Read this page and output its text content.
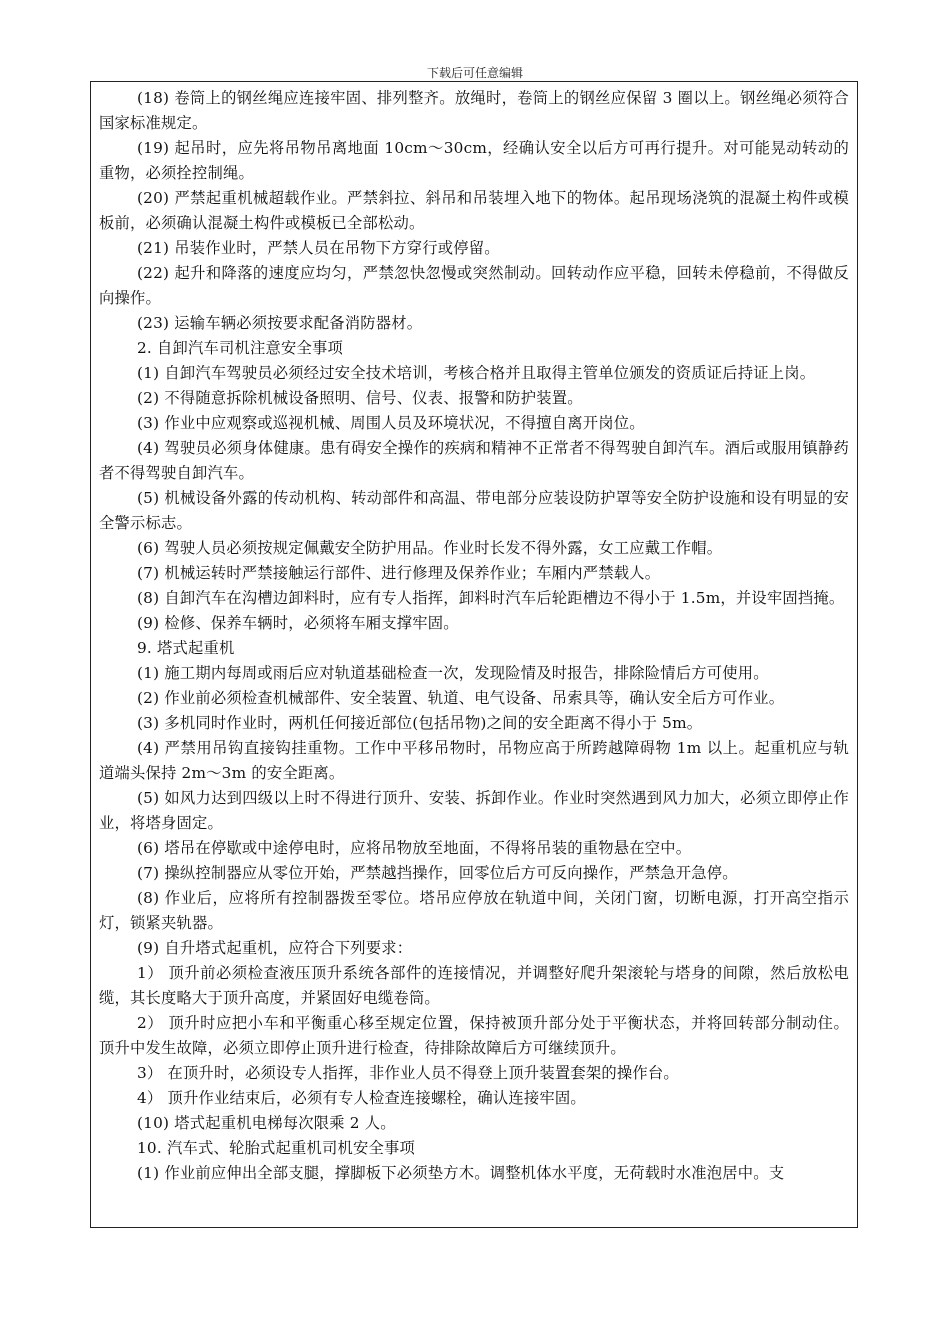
下载后可任意编辑

(18) 卷筒上的钢丝绳应连接牢固、排列整齐。放绳时，卷筒上的钢丝应保留 3 圈以上。钢丝绳必须符合国家标准规定。

(19) 起吊时，应先将吊物吊离地面 10cm～30cm，经确认安全以后方可再行提升。对可能晃动转动的重物，必须拴控制绳。

(20) 严禁起重机械超载作业。严禁斜拉、斜吊和吊装埋入地下的物体。起吊现场浇筑的混凝土构件或模板前，必须确认混凝土构件或模板已全部松动。

(21) 吊装作业时，严禁人员在吊物下方穿行或停留。

(22) 起升和降落的速度应均匀，严禁忽快忽慢或突然制动。回转动作应平稳，回转未停稳前，不得做反向操作。

(23) 运输车辆必须按要求配备消防器材。

2. 自卸汽车司机注意安全事项

(1) 自卸汽车驾驶员必须经过安全技术培训，考核合格并且取得主管单位颁发的资质证后持证上岗。

(2) 不得随意拆除机械设备照明、信号、仪表、报警和防护装置。

(3) 作业中应观察或巡视机械、周围人员及环境状况，不得擅自离开岗位。

(4) 驾驶员必须身体健康。患有碍安全操作的疾病和精神不正常者不得驾驶自卸汽车。酒后或服用镇静药者不得驾驶自卸汽车。

(5) 机械设备外露的传动机构、转动部件和高温、带电部分应装设防护罩等安全防护设施和设有明显的安全警示标志。

(6) 驾驶人员必须按规定佩戴安全防护用品。作业时长发不得外露，女工应戴工作帽。

(7) 机械运转时严禁接触运行部件、进行修理及保养作业；车厢内严禁载人。

(8) 自卸汽车在沟槽边卸料时，应有专人指挥，卸料时汽车后轮距槽边不得小于 1.5m，并设牢固挡掩。

(9) 检修、保养车辆时，必须将车厢支撑牢固。

9. 塔式起重机

(1) 施工期内每周或雨后应对轨道基础检查一次，发现险情及时报告，排除险情后方可使用。

(2) 作业前必须检查机械部件、安全装置、轨道、电气设备、吊索具等，确认安全后方可作业。

(3) 多机同时作业时，两机任何接近部位(包括吊物)之间的安全距离不得小于 5m。

(4) 严禁用吊钩直接钩挂重物。工作中平移吊物时，吊物应高于所跨越障碍物 1m 以上。起重机应与轨道端头保持 2m～3m 的安全距离。

(5) 如风力达到四级以上时不得进行顶升、安装、拆卸作业。作业时突然遇到风力加大，必须立即停止作业，将塔身固定。

(6) 塔吊在停歇或中途停电时，应将吊物放至地面，不得将吊装的重物悬在空中。

(7) 操纵控制器应从零位开始，严禁越挡操作，回零位后方可反向操作，严禁急开急停。

(8) 作业后，应将所有控制器拨至零位。塔吊应停放在轨道中间，关闭门窗，切断电源，打开高空指示灯，锁紧夹轨器。

(9) 自升塔式起重机，应符合下列要求：

1） 顶升前必须检查液压顶升系统各部件的连接情况，并调整好爬升架滚轮与塔身的间隙，然后放松电缆，其长度略大于顶升高度，并紧固好电缆卷筒。

2） 顶升时应把小车和平衡重心移至规定位置，保持被顶升部分处于平衡状态，并将回转部分制动住。顶升中发生故障，必须立即停止顶升进行检查，待排除故障后方可继续顶升。

3） 在顶升时，必须设专人指挥，非作业人员不得登上顶升装置套架的操作台。

4） 顶升作业结束后，必须有专人检查连接螺栓，确认连接牢固。

(10) 塔式起重机电梯每次限乘 2 人。

10. 汽车式、轮胎式起重机司机安全事项

(1) 作业前应伸出全部支腿，撑脚板下必须垫方木。调整机体水平度，无荷载时水准泡居中。支
